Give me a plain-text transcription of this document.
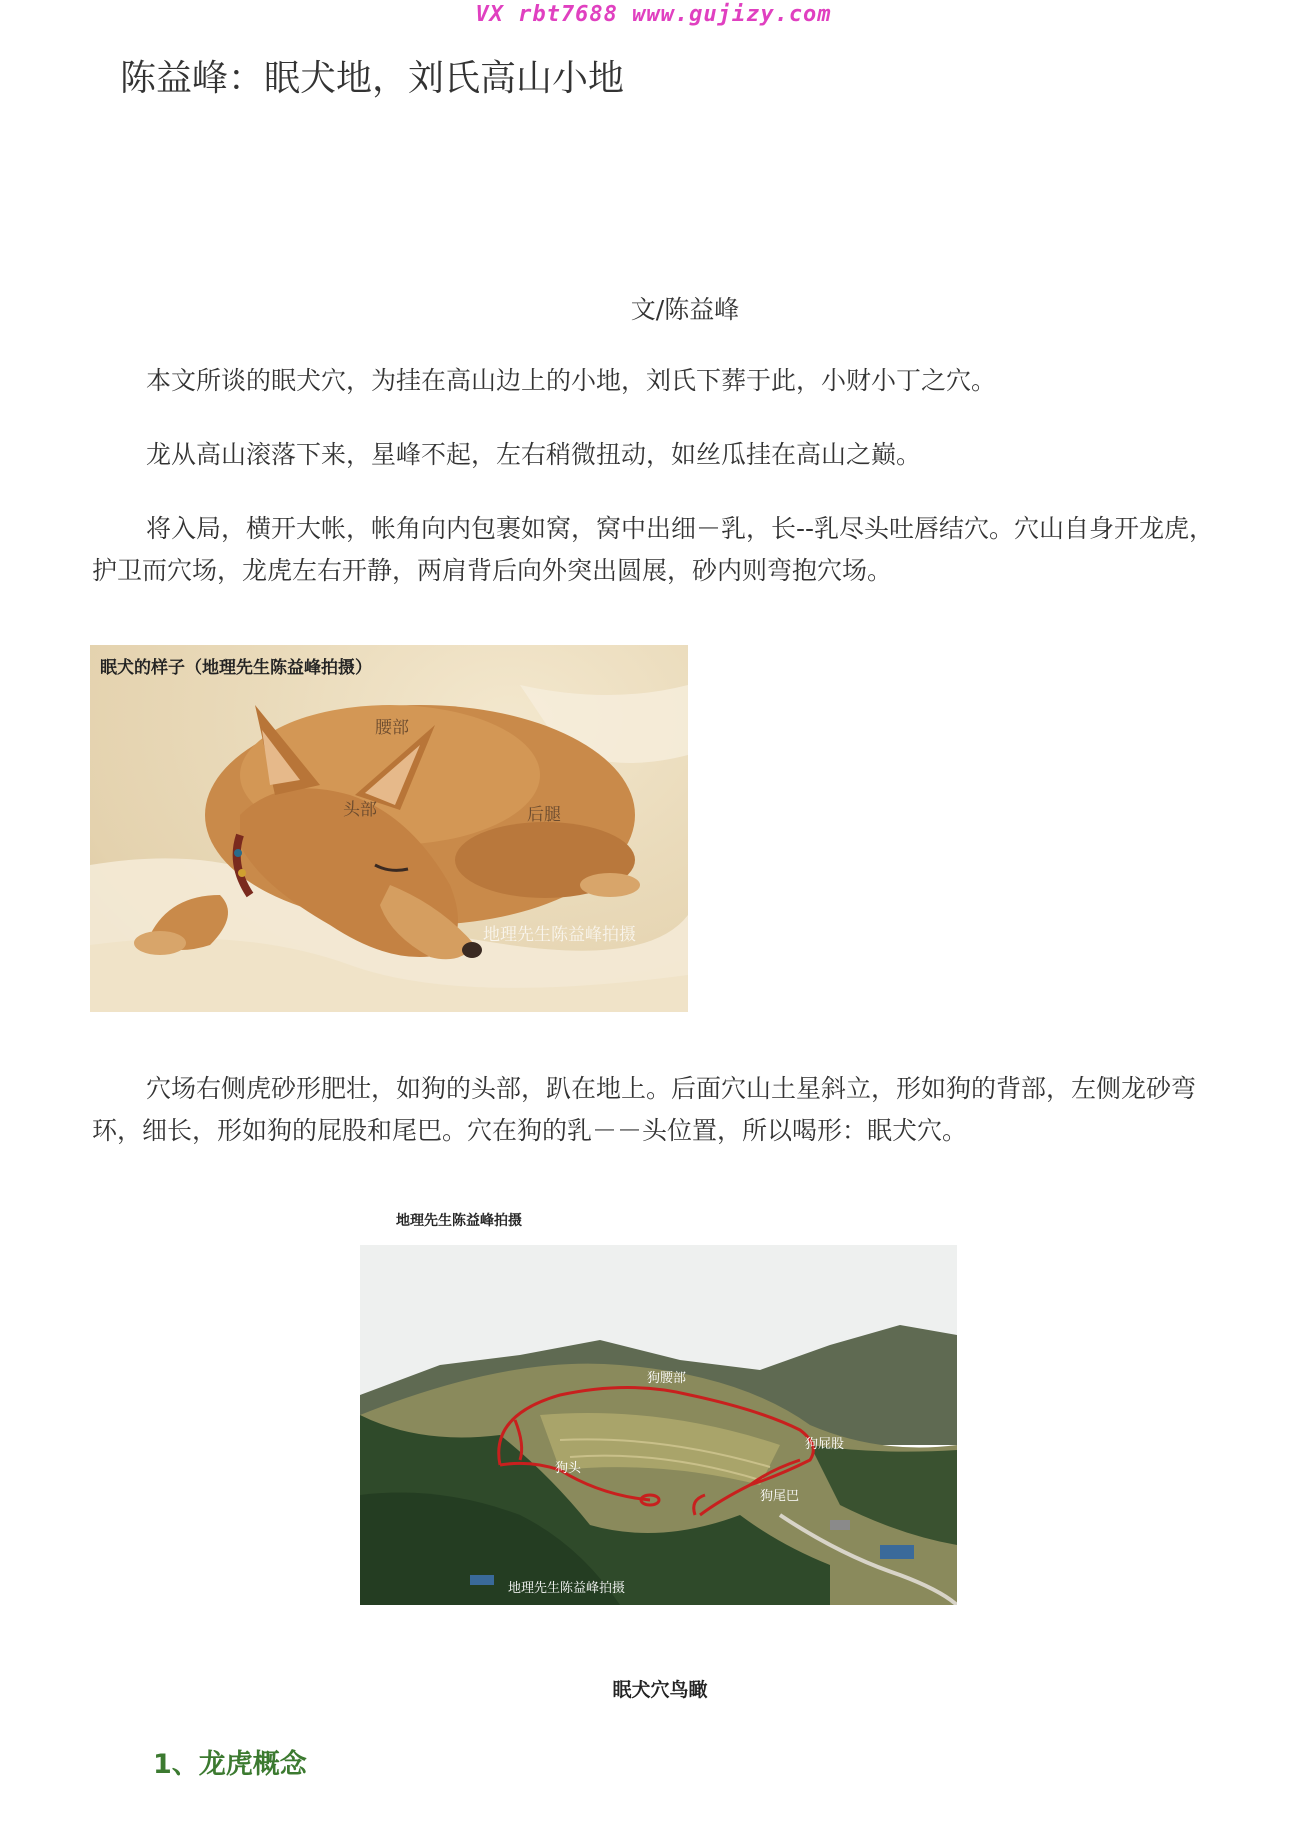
VX rbt7688 www.gujizy.com
陈益峰：眠犬地，刘氏高山小地
文/陈益峰
本文所谈的眠犬穴，为挂在高山边上的小地，刘氏下葬于此，小财小丁之穴。
龙从高山滚落下来，星峰不起，左右稍微扭动，如丝瓜挂在高山之巅。
将入局，横开大帐，帐角向内包裹如窝，窝中出细－乳，长--乳尽头吐唇结穴。穴山自身开龙虎，护卫而穴场，龙虎左右开静，两肩背后向外突出圆展，砂内则弯抱穴场。
眠犬的样子（地理先生陈益峰拍摄）
腰部
头部	后腿
地理先生陈益峰拍摄
穴场右侧虎砂形肥壮，如狗的头部，趴在地上。后面穴山土星斜立，形如狗的背部，左侧龙砂弯环，细长，形如狗的屁股和尾巴。穴在狗的乳－－头位置，所以喝形：眠犬穴。
地理先生陈益峰拍摄
狗腰部
狗屁股
狗头
狗尾巴
地理先生陈益峰拍摄
眠犬穴鸟瞰
1、龙虎概念
